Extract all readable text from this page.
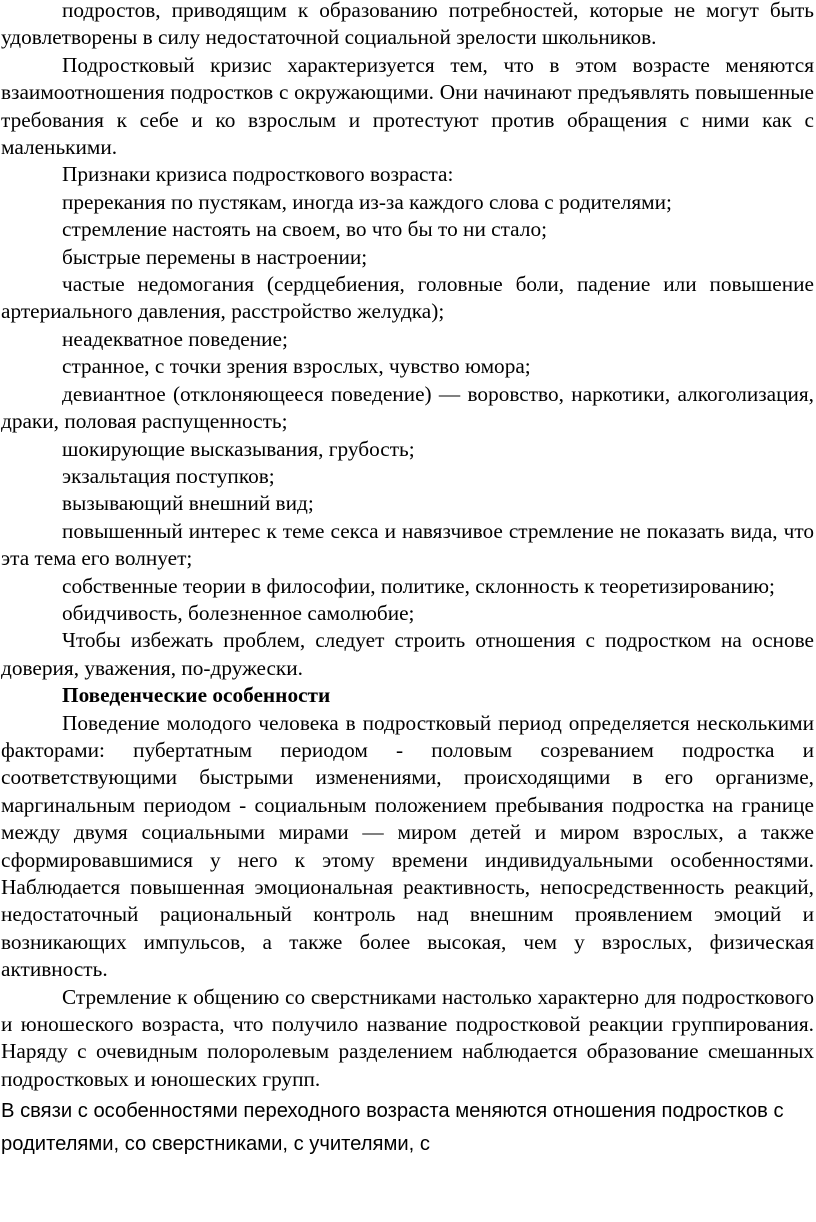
подростов, приводящим к образованию потребностей, которые не могут быть удовлетворены в силу недостаточной социальной зрелости школьников.

Подростковый кризис характеризуется тем, что в этом возрасте меняются взаимоотношения подростков с окружающими. Они начинают предъявлять повышенные требования к себе и ко взрослым и протестуют против обращения с ними как с маленькими.

Признаки кризиса подросткового возраста:

пререкания по пустякам, иногда из-за каждого слова с родителями;

стремление настоять на своем, во что бы то ни стало;

быстрые перемены в настроении;

частые недомогания (сердцебиения, головные боли, падение или повышение артериального давления, расстройство желудка);

неадекватное поведение;

странное, с точки зрения взрослых, чувство юмора;

девиантное (отклоняющееся поведение) — воровство, наркотики, алкоголизация, драки, половая распущенность;

шокирующие высказывания, грубость;

экзальтация поступков;

вызывающий внешний вид;

повышенный интерес к теме секса и навязчивое стремление не показать вида, что эта тема его волнует;

собственные теории в философии, политике, склонность к теоретизированию;

обидчивость, болезненное самолюбие;

Чтобы избежать проблем, следует строить отношения с подростком на основе доверия, уважения, по-дружески.

Поведенческие особенности

Поведение молодого человека в подростковый период определяется несколькими факторами: пубертатным периодом - половым созреванием подростка и соответствующими быстрыми изменениями, происходящими в его организме, маргинальным периодом - социальным положением пребывания подростка на границе между двумя социальными мирами — миром детей и миром взрослых, а также сформировавшимися у него к этому времени индивидуальными особенностями. Наблюдается повышенная эмоциональная реактивность, непосредственность реакций, недостаточный рациональный контроль над внешним проявлением эмоций и возникающих импульсов, а также более высокая, чем у взрослых, физическая активность.

Стремление к общению со сверстниками настолько характерно для подросткового и юношеского возраста, что получило название подростковой реакции группирования. Наряду с очевидным полоролевым разделением наблюдается образование смешанных подростковых и юношеских групп.

В связи с особенностями переходного возраста меняются отношения подростков с родителями, со сверстниками, с учителями, с
